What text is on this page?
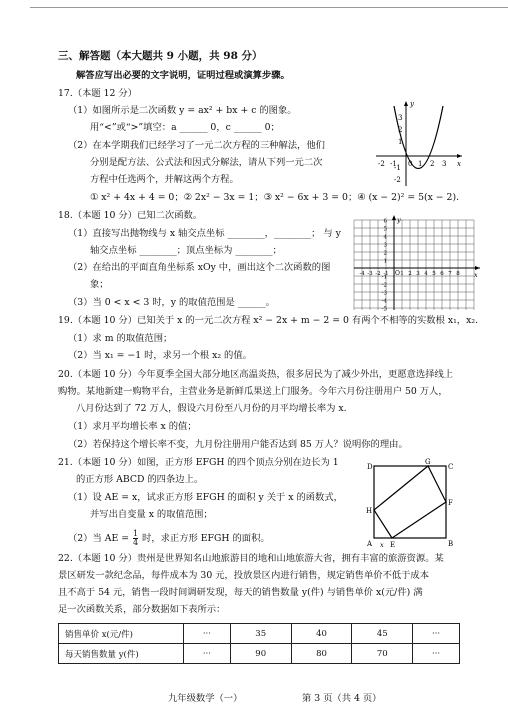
三、解答题（本大题共 9 小题，共 98 分）
解答应写出必要的文字说明，证明过程或演算步骤。
17.（本题 12 分）
（1）如图所示是二次函数 y = ax² + bx + c 的图象。
用“<”或“>”填空：a ______ 0，c ______ 0；
（2）在本学期我们已经学习了一元二次方程的三种解法，他们
分别是配方法、公式法和因式分解法，请从下列一元二次
方程中任选两个，并解这两个方程。
① x² + 4x + 4 = 0；② 2x² − 3x = 1；③ x² − 6x + 3 = 0；④ (x − 2)² = 5(x − 2).
y
x
0
3
2
1
-1
-2
-2 -1	1 2 3
18.（本题 10 分）已知二次函数。
（1）直接写出抛物线与 x 轴交点坐标 ________，________； 与 y
轴交点坐标 ________；顶点坐标为 ________；
（2）在给出的平面直角坐标系 xOy 中，画出这个二次函数的图
象；
（3）当 0 < x < 3 时，y 的取值范围是 ______。
y
x
O
6
5
4
3
2
1
-1
-2
-3
-4
-5
-4 -3 -2 -1 1 2 3 4 5 6 7 8
19.（本题 10 分）已知关于 x 的一元二次方程 x² − 2x + m − 2 = 0 有两个不相等的实数根 x₁，x₂.
（1）求 m 的取值范围；
（2）当 x₁ = −1 时，求另一个根 x₂ 的值。
20.（本题 10 分）今年夏季全国大部分地区高温炎热，很多居民为了减少外出，更愿意选择线上
购物。某地新建一购物平台，主营业务是新鲜瓜果送上门服务。今年六月份注册用户 50 万人，
八月份达到了 72 万人，假设六月份至八月份的月平均增长率为 x.
（1）求月平均增长率 x 的值；
（2）若保持这个增长率不变，九月份注册用户能否达到 85 万人？说明你的理由。
21.（本题 10 分）如图，正方形 EFGH 的四个顶点分别在边长为 1
的正方形 ABCD 的四条边上。
（1）设 AE = x，试求正方形 EFGH 的面积 y 关于 x 的函数式，
并写出自变量 x 的取值范围；
（2）当 AE = $\frac{1}{4}$ 时，求正方形 EFGH 的面积。
D
G
C
F
H
A	E	B
x
22.（本题 10 分）贵州是世界知名山地旅游目的地和山地旅游大省，拥有丰富的旅游资源。某
景区研发一款纪念品，每件成本为 30 元，投放景区内进行销售，规定销售单价不低于成本
且不高于 54 元，销售一段时间调研发现，每天的销售数量 y(件) 与销售单价 x(元/件) 满
足一次函数关系，部分数据如下表所示：
销售单价 x(元/件)	···	35	40	45	···
每天销售数量 y(件)	···	90	80	70	···
九年级数学（一）	第 3 页（共 4 页）
